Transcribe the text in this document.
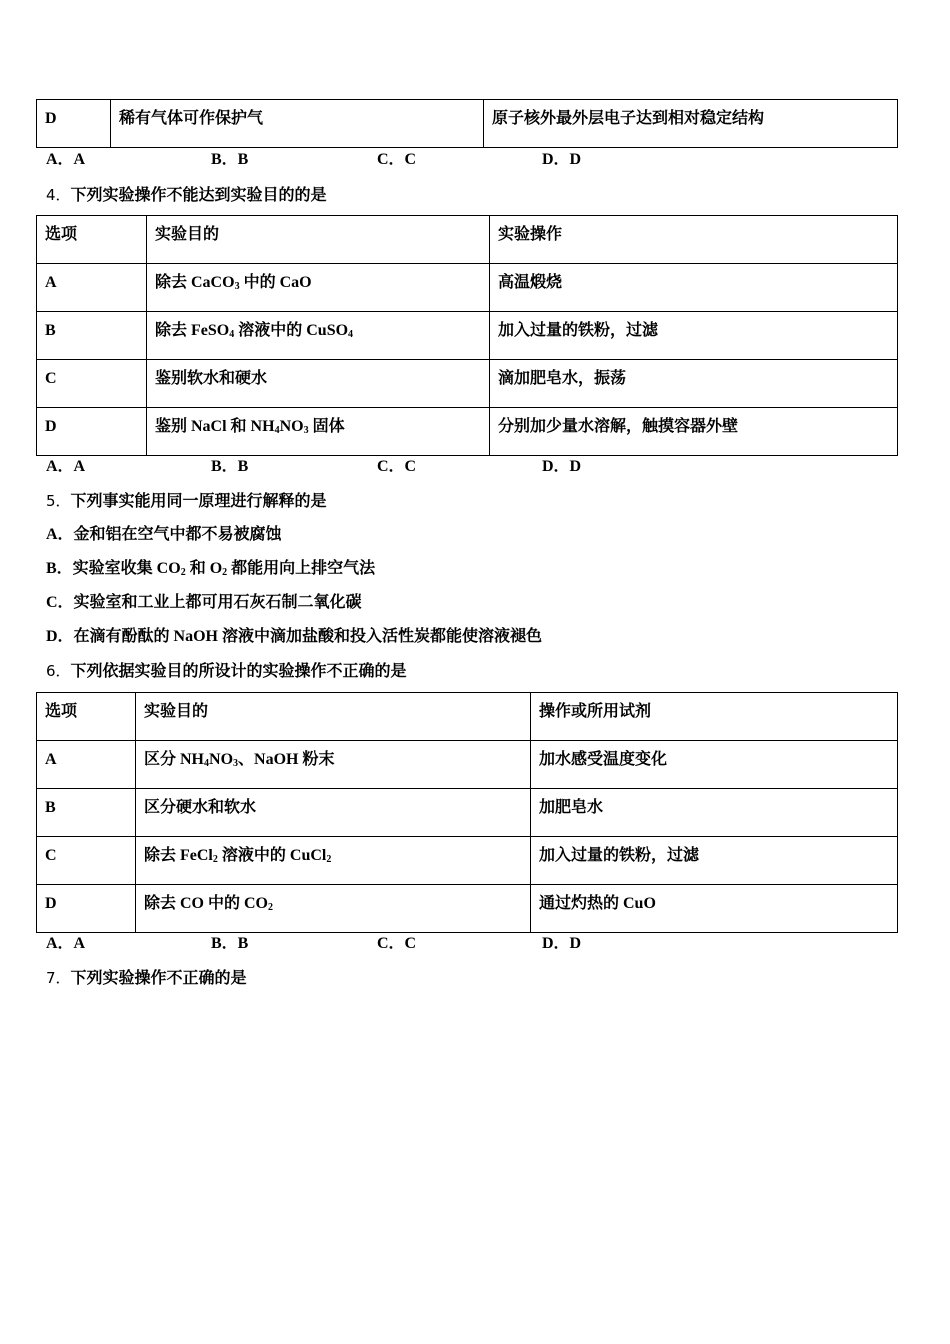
D	稀有气体可作保护气	原子核外最外层电子达到相对稳定结构
A．A	B．B	C．C	D．D
4．下列实验操作不能达到实验目的的是
选项	实验目的	实验操作
A	除去 CaCO$_3$ 中的 CaO	高温煅烧
B	除去 FeSO$_4$ 溶液中的 CuSO$_4$	加入过量的铁粉，过滤
C	鉴别软水和硬水	滴加肥皂水，振荡
D	鉴别 NaCl 和 $NH_4NO_3$ 固体	分别加少量水溶解，触摸容器外壁
A．A	B．B	C．C	D．D
5．下列事实能用同一原理进行解释的是
A．金和铝在空气中都不易被腐蚀
B．实验室收集 $CO_2$ 和 $O_2$ 都能用向上排空气法
C．实验室和工业上都可用石灰石制二氧化碳
D．在滴有酚酞的 NaOH 溶液中滴加盐酸和投入活性炭都能使溶液褪色
6．下列依据实验目的所设计的实验操作不正确的是
选项	实验目的	操作或所用试剂
A	区分 $NH_4NO_3$、NaOH 粉末	加水感受温度变化
B	区分硬水和软水	加肥皂水
C	除去 FeCl$_2$ 溶液中的 CuCl$_2$	加入过量的铁粉，过滤
D	除去 CO 中的 $CO_2$	通过灼热的 CuO
A．A	B．B	C．C	D．D
7．下列实验操作不正确的是
